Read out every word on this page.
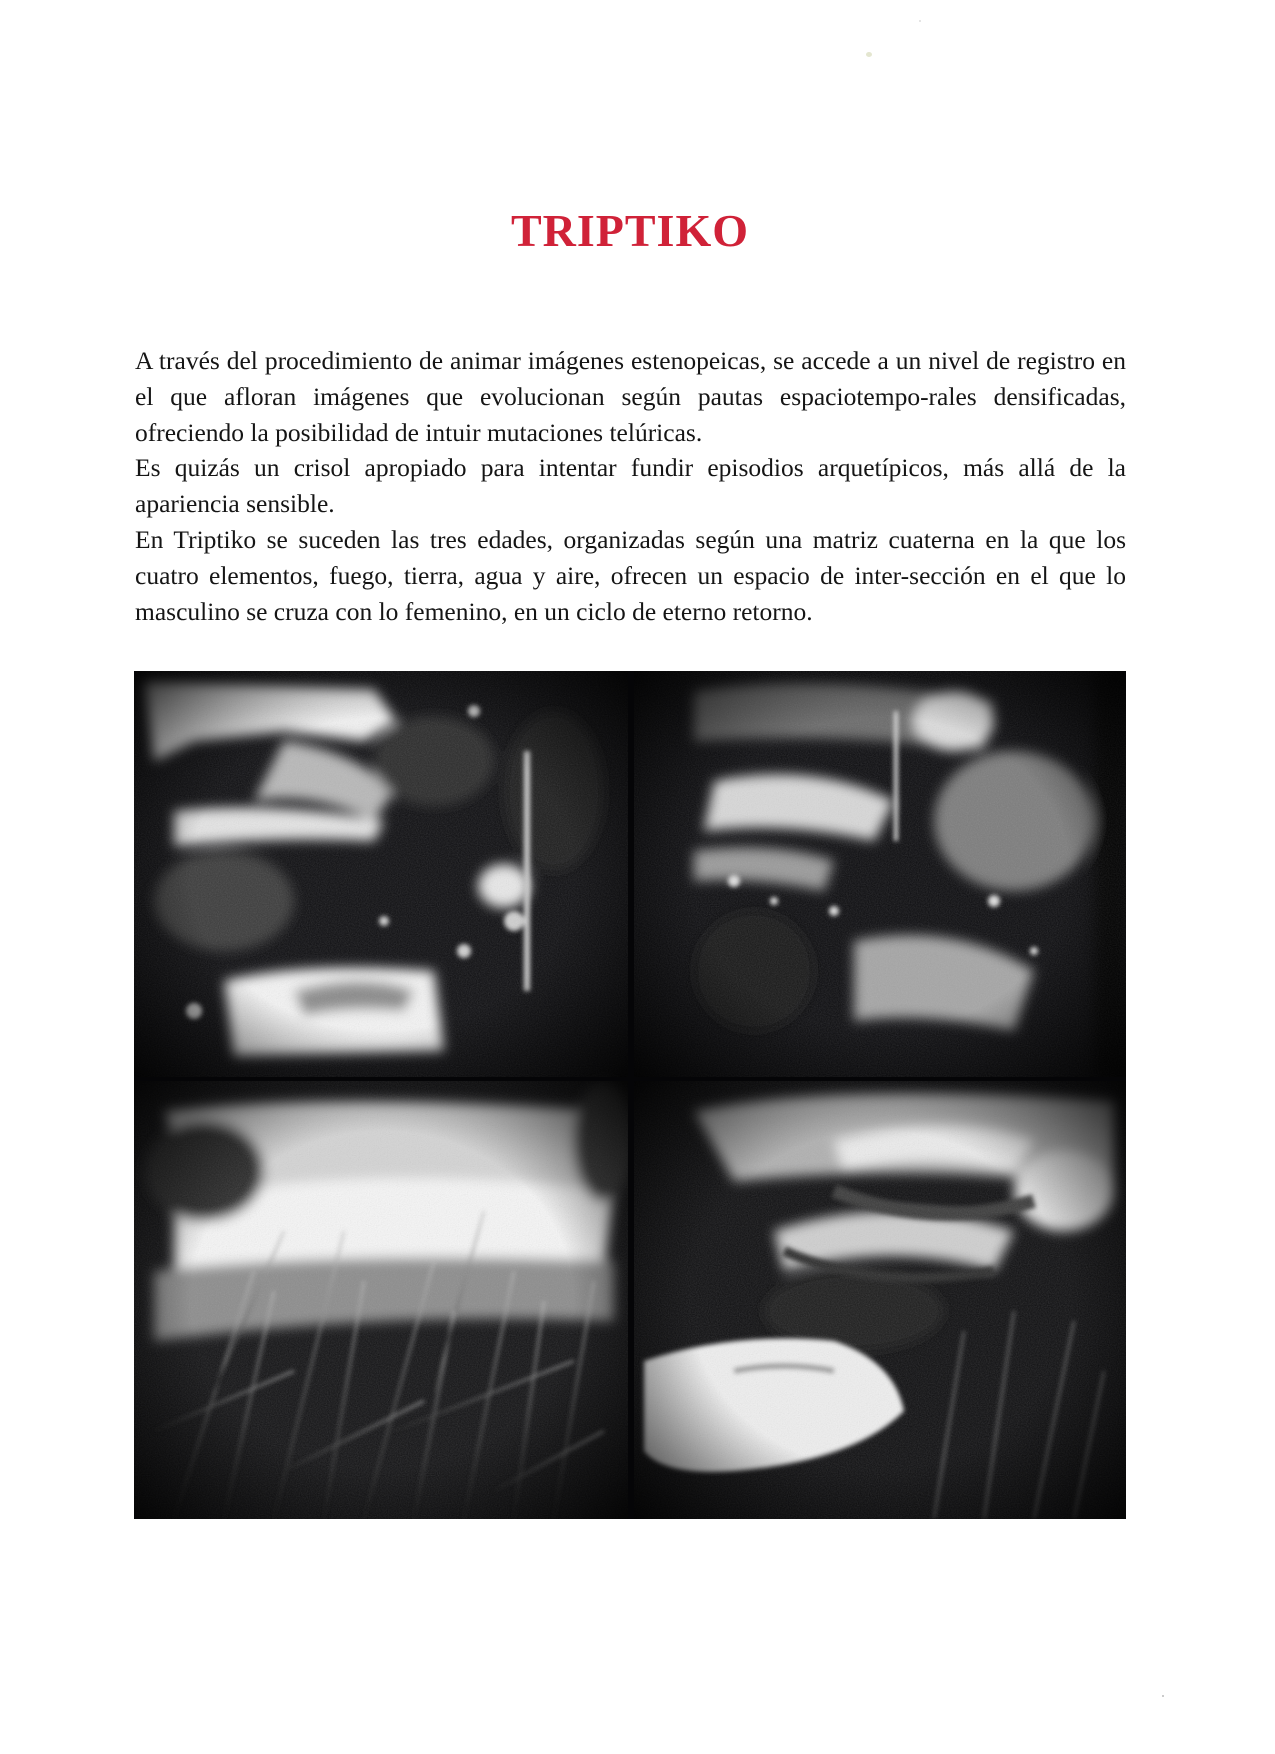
TRIPTIKO

A través del procedimiento de animar imágenes estenopeicas, se accede a un nivel de registro en el que afloran imágenes que evolucionan según pautas espaciotempo-rales densificadas, ofreciendo la posibilidad de intuir mutaciones telúricas.

Es quizás un crisol apropiado para intentar fundir episodios arquetípicos, más allá de la apariencia sensible.

En Triptiko se suceden las tres edades, organizadas según una matriz cuaterna en la que los cuatro elementos, fuego, tierra, agua y aire, ofrecen un espacio de inter-sección en el que lo masculino se cruza con lo femenino, en un ciclo de eterno retorno.
